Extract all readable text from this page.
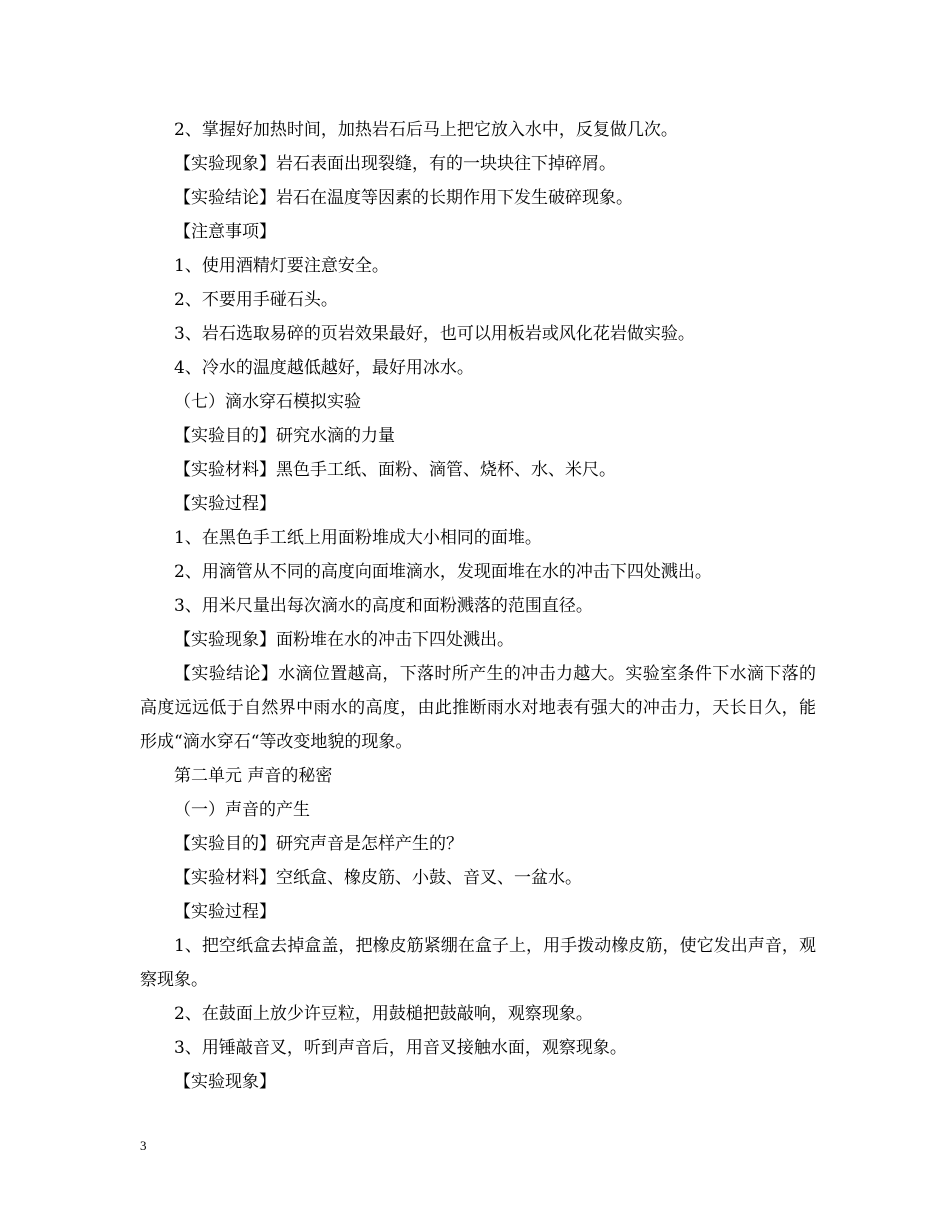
2、掌握好加热时间，加热岩石后马上把它放入水中，反复做几次。

【实验现象】岩石表面出现裂缝，有的一块块往下掉碎屑。

【实验结论】岩石在温度等因素的长期作用下发生破碎现象。

【注意事项】

1、使用酒精灯要注意安全。

2、不要用手碰石头。

3、岩石选取易碎的页岩效果最好，也可以用板岩或风化花岩做实验。

4、冷水的温度越低越好，最好用冰水。

（七）滴水穿石模拟实验

【实验目的】研究水滴的力量

【实验材料】黑色手工纸、面粉、滴管、烧杯、水、米尺。

【实验过程】

1、在黑色手工纸上用面粉堆成大小相同的面堆。

2、用滴管从不同的高度向面堆滴水，发现面堆在水的冲击下四处溅出。

3、用米尺量出每次滴水的高度和面粉溅落的范围直径。

【实验现象】面粉堆在水的冲击下四处溅出。

【实验结论】水滴位置越高，下落时所产生的冲击力越大。实验室条件下水滴下落的高度远远低于自然界中雨水的高度，由此推断雨水对地表有强大的冲击力，天长日久，能形成“滴水穿石“等改变地貌的现象。

第二单元 声音的秘密

（一）声音的产生

【实验目的】研究声音是怎样产生的？

【实验材料】空纸盒、橡皮筋、小鼓、音叉、一盆水。

【实验过程】

1、把空纸盒去掉盒盖，把橡皮筋紧绷在盒子上，用手拨动橡皮筋，使它发出声音，观察现象。

2、在鼓面上放少许豆粒，用鼓槌把鼓敲响，观察现象。

3、用锤敲音叉，听到声音后，用音叉接触水面，观察现象。

【实验现象】

3
